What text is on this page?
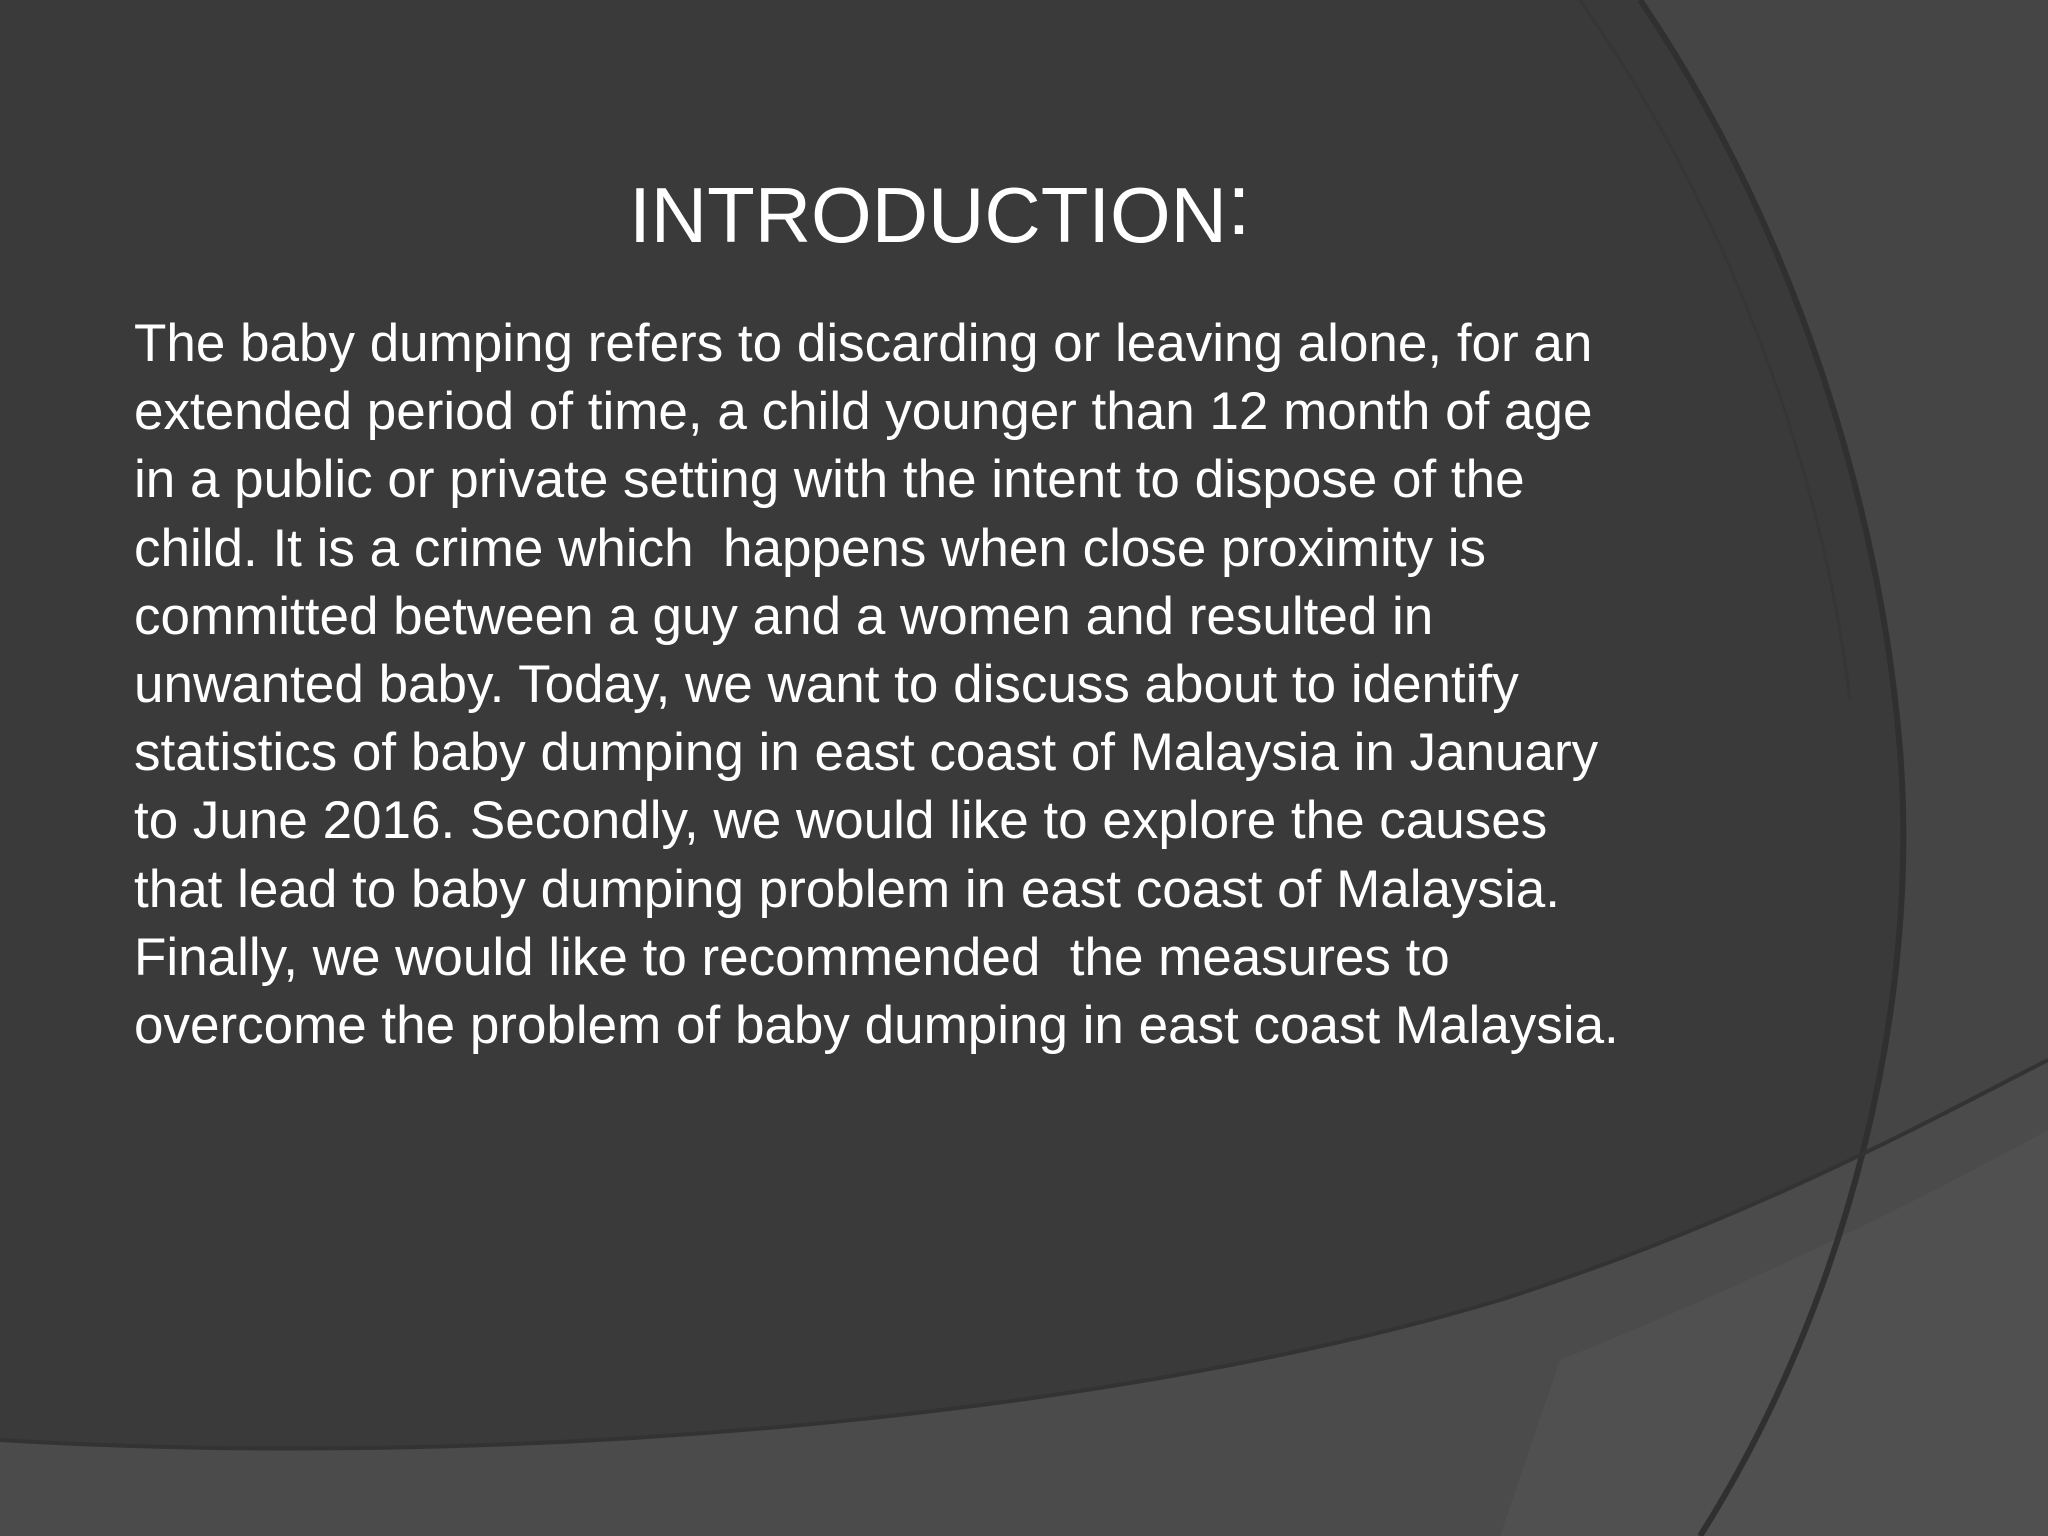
INTRODUCTION:
The baby dumping refers to discarding or leaving alone, for an
extended period of time, a child younger than 12 month of age
in a public or private setting with the intent to dispose of the
child. It is a crime which  happens when close proximity is
committed between a guy and a women and resulted in
unwanted baby. Today, we want to discuss about to identify
statistics of baby dumping in east coast of Malaysia in January
to June 2016. Secondly, we would like to explore the causes
that lead to baby dumping problem in east coast of Malaysia.
Finally, we would like to recommended  the measures to
overcome the problem of baby dumping in east coast Malaysia.
